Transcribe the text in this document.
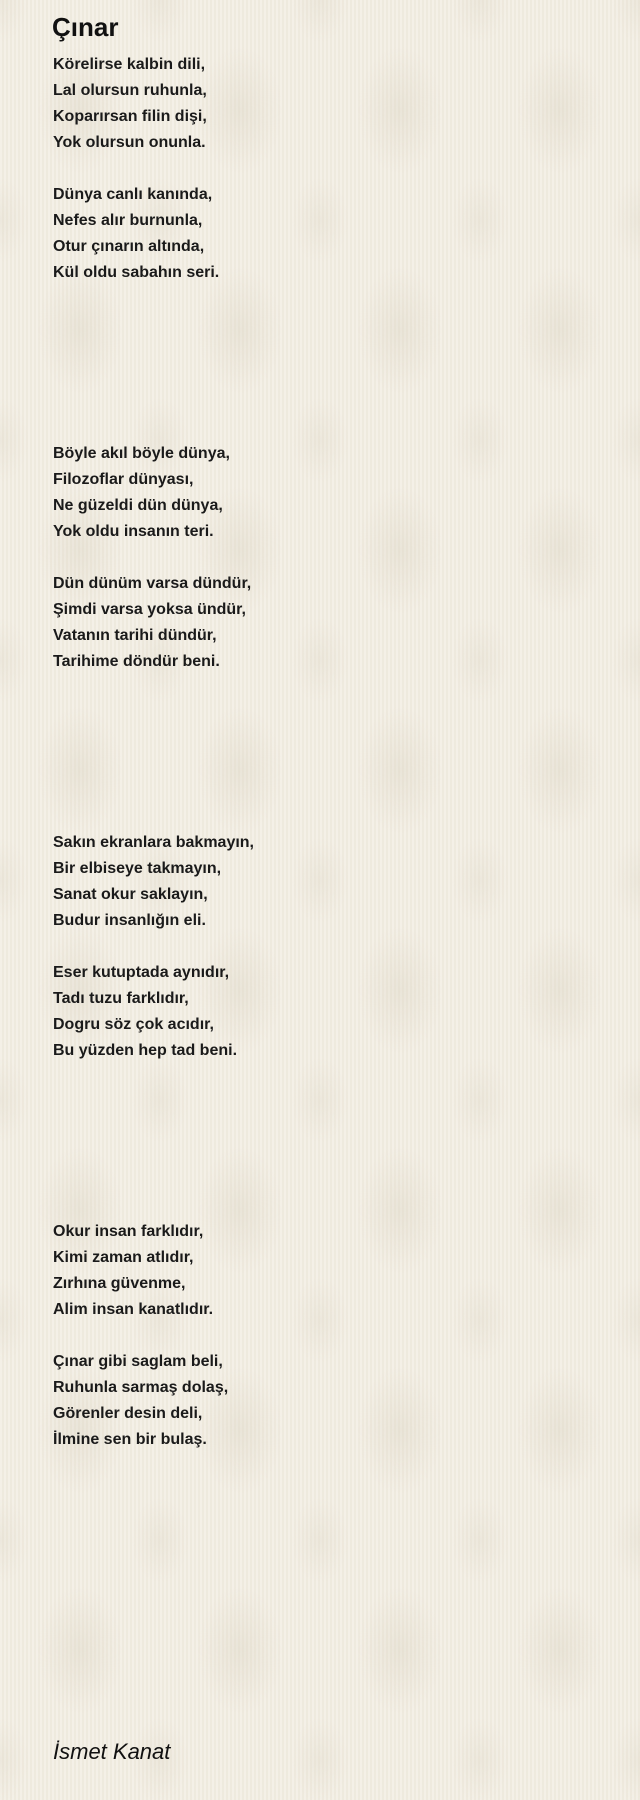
Çınar
Körelirse kalbin dili,
Lal olursun ruhunla,
Koparırsan filin dişi,
Yok olursun onunla.
Dünya canlı kanında,
Nefes alır burnunla,
Otur çınarın altında,
Kül oldu sabahın seri.
Böyle akıl böyle dünya,
Filozoflar dünyası,
Ne güzeldi dün dünya,
Yok oldu insanın teri.
Dün dünüm varsa dündür,
Şimdi varsa yoksa ündür,
Vatanın tarihi dündür,
Tarihime döndür beni.
Sakın ekranlara bakmayın,
Bir elbiseye takmayın,
Sanat okur saklayın,
Budur insanlığın eli.
Eser kutuptada aynıdır,
Tadı tuzu farklıdır,
Dogru söz çok acıdır,
Bu yüzden hep tad beni.
Okur insan farklıdır,
Kimi zaman atlıdır,
Zırhına güvenme,
Alim insan kanatlıdır.
Çınar gibi saglam beli,
Ruhunla sarmaş dolaş,
Görenler desin deli,
İlmine sen bir bulaş.

İsmet Kanat
